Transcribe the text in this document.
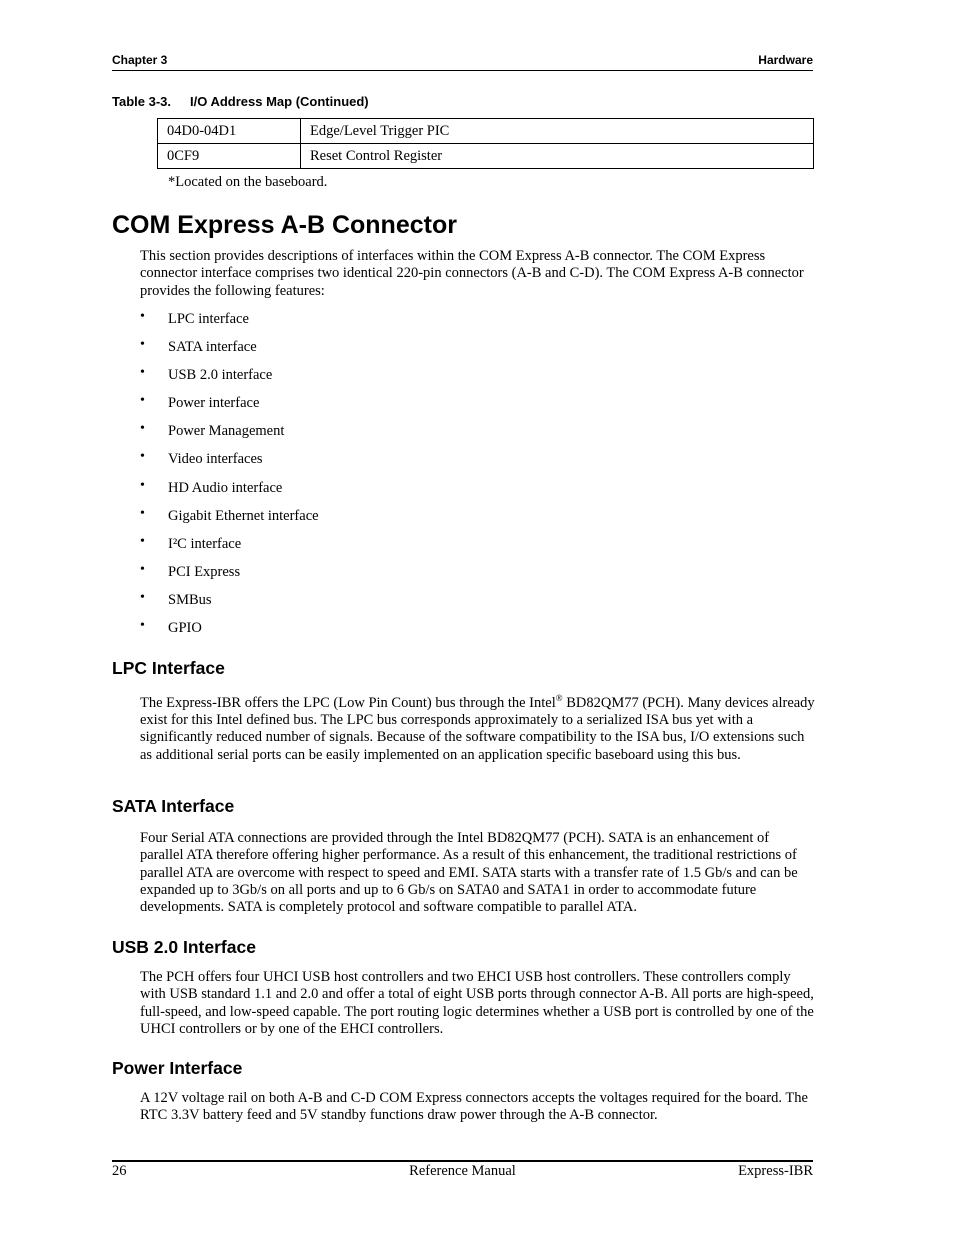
Chapter 3	Hardware
Table 3-3. I/O Address Map (Continued)
04D0-04D1	Edge/Level Trigger PIC
0CF9	Reset Control Register
*Located on the baseboard.
COM Express A-B Connector

This section provides descriptions of interfaces within the COM Express A-B connector. The COM Express connector interface comprises two identical 220-pin connectors (A-B and C-D). The COM Express A-B connector provides the following features:

• LPC interface
• SATA interface
• USB 2.0 interface
• Power interface
• Power Management
• Video interfaces
• HD Audio interface
• Gigabit Ethernet interface
• I²C interface
• PCI Express
• SMBus
• GPIO
LPC Interface

The Express-IBR offers the LPC (Low Pin Count) bus through the Intel® BD82QM77 (PCH). Many devices already exist for this Intel defined bus. The LPC bus corresponds approximately to a serialized ISA bus yet with a significantly reduced number of signals. Because of the software compatibility to the ISA bus, I/O extensions such as additional serial ports can be easily implemented on an application specific baseboard using this bus.

SATA Interface

Four Serial ATA connections are provided through the Intel BD82QM77 (PCH). SATA is an enhancement of parallel ATA therefore offering higher performance. As a result of this enhancement, the traditional restrictions of parallel ATA are overcome with respect to speed and EMI. SATA starts with a transfer rate of 1.5 Gb/s and can be expanded up to 3Gb/s on all ports and up to 6 Gb/s on SATA0 and SATA1 in order to accommodate future developments. SATA is completely protocol and software compatible to parallel ATA.

USB 2.0 Interface

The PCH offers four UHCI USB host controllers and two EHCI USB host controllers. These controllers comply with USB standard 1.1 and 2.0 and offer a total of eight USB ports through connector A-B. All ports are high-speed, full-speed, and low-speed capable. The port routing logic determines whether a USB port is controlled by one of the UHCI controllers or by one of the EHCI controllers.

Power Interface

A 12V voltage rail on both A-B and C-D COM Express connectors accepts the voltages required for the board. The RTC 3.3V battery feed and 5V standby functions draw power through the A-B connector.

26	Reference Manual	Express-IBR
